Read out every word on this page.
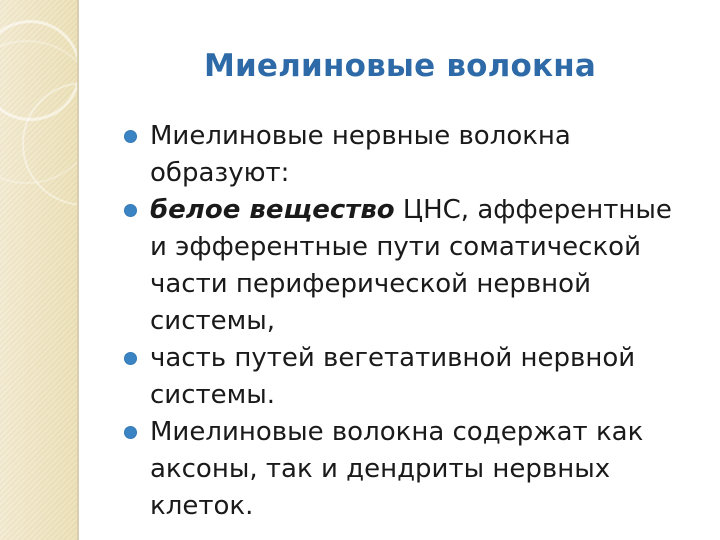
Миелиновые волокна

Миелиновые нервные волокна образуют:

белое вещество ЦНС, афферентные и эфферентные пути соматической части периферической нервной системы,

часть путей вегетативной нервной системы.

Миелиновые волокна содержат как аксоны, так и дендриты нервных клеток.
